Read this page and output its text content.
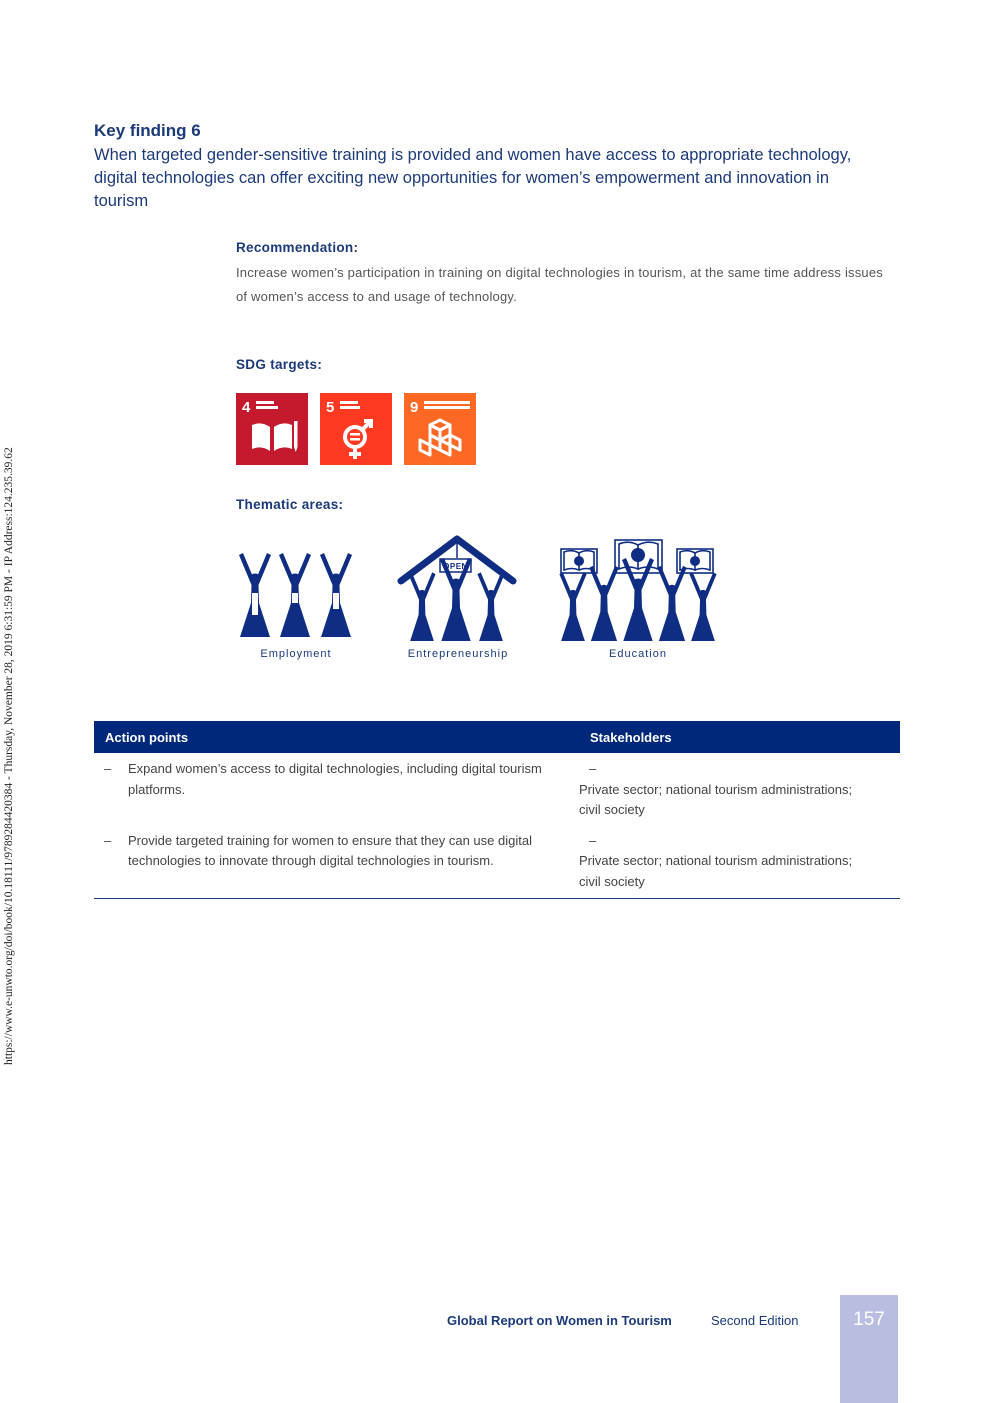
https://www.e-unwto.org/doi/book/10.18111/9789284420384 - Thursday, November 28, 2019 6:31:59 PM - IP Address:124.235.39.62
Key finding 6
When targeted gender-sensitive training is provided and women have access to appropriate technology, digital technologies can offer exciting new opportunities for women’s empowerment and innovation in tourism
Recommendation:
Increase women’s participation in training on digital technologies in tourism, at the same time address issues of women’s access to and usage of technology.
SDG targets:
4	5	9
Thematic areas:
Employment	Entrepreneurship
OPEN
Education
Action points	Stakeholders
– Expand women’s access to digital technologies, including digital tourism platforms.	–Private sector; national tourism administrations; civil society
– Provide targeted training for women to ensure that they can use digital technologies to innovate through digital technologies in tourism.	–Private sector; national tourism administrations; civil society
Global Report on Women in Tourism	Second Edition	157
